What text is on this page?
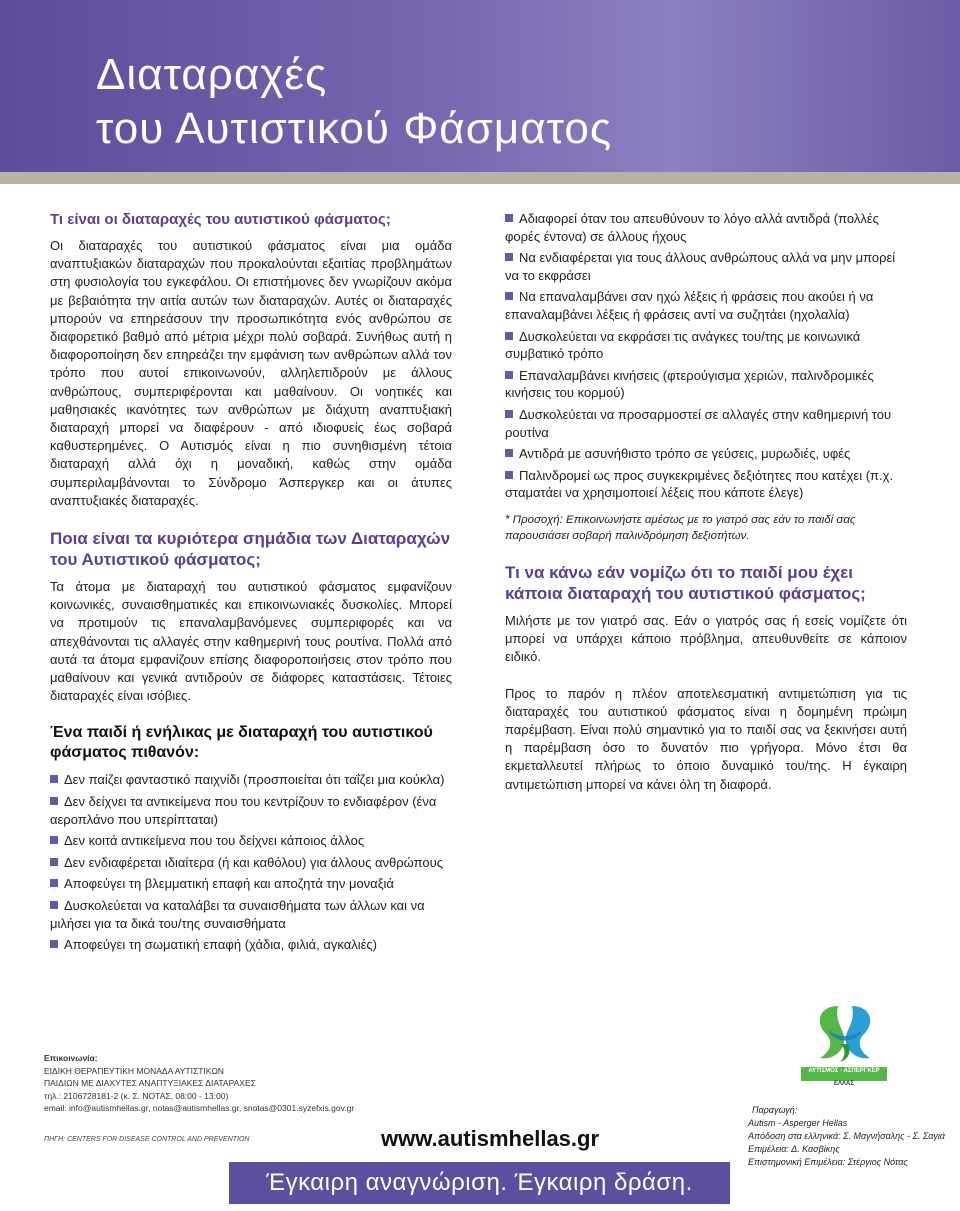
Διαταραχές
του Αυτιστικού Φάσματος
Τι είναι οι διαταραχές του αυτιστικού φάσματος;

Οι διαταραχές του αυτιστικού φάσματος είναι μια ομάδα αναπτυξιακών διαταραχών που προκαλούνται εξαιτίας προβλημάτων στη φυσιολογία του εγκεφάλου. Οι επιστήμονες δεν γνωρίζουν ακόμα με βεβαιότητα την αιτία αυτών των διαταραχών. Αυτές οι διαταραχές μπορούν να επηρεάσουν την προσωπικότητα ενός ανθρώπου σε διαφορετικό βαθμό από μέτρια μέχρι πολύ σοβαρά. Συνήθως αυτή η διαφοροποίηση δεν επηρεάζει την εμφάνιση των ανθρώπων αλλά τον τρόπο που αυτοί επικοινωνούν, αλληλεπιδρούν με άλλους ανθρώπους, συμπεριφέρονται και μαθαίνουν. Οι νοητικές και μαθησιακές ικανότητες των ανθρώπων με διάχυτη αναπτυξιακή διαταραχή μπορεί να διαφέρουν - από ιδιοφυείς έως σοβαρά καθυστερημένες. Ο Αυτισμός είναι η πιο συνηθισμένη τέτοια διαταραχή αλλά όχι η μοναδική, καθώς στην ομάδα συμπεριλαμβάνονται το Σύνδρομο Άσπεργκερ και οι άτυπες αναπτυξιακές διαταραχές.

Ποια είναι τα κυριότερα σημάδια των Διαταραχών του Αυτιστικού φάσματος;

Τα άτομα με διαταραχή του αυτιστικού φάσματος εμφανίζουν κοινωνικές, συναισθηματικές και επικοινωνιακές δυσκολίες. Μπορεί να προτιμούν τις επαναλαμβανόμενες συμπεριφορές και να απεχθάνονται τις αλλαγές στην καθημερινή τους ρουτίνα. Πολλά από αυτά τα άτομα εμφανίζουν επίσης διαφοροποιήσεις στον τρόπο που μαθαίνουν και γενικά αντιδρούν σε διάφορες καταστάσεις. Τέτοιες διαταραχές είναι ισόβιες.

Ένα παιδί ή ενήλικας με διαταραχή του αυτιστικού φάσματος πιθανόν:
Δεν παίζει φανταστικό παιχνίδι (προσποιείται ότι ταΐζει μια κούκλα)
Δεν δείχνει τα αντικείμενα που του κεντρίζουν το ενδιαφέρον (ένα αεροπλάνο που υπερίπταται)
Δεν κοιτά αντικείμενα που του δείχνει κάποιος άλλος
Δεν ενδιαφέρεται ιδιαίτερα (ή και καθόλου) για άλλους ανθρώπους
Αποφεύγει τη βλεμματική επαφή και αποζητά την μοναξιά
Δυσκολεύεται να καταλάβει τα συναισθήματα των άλλων και να μιλήσει για τα δικά του/της συναισθήματα
Αποφεύγει τη σωματική επαφή (χάδια, φιλιά, αγκαλιές)
Αδιαφορεί όταν του απευθύνουν το λόγο αλλά αντιδρά (πολλές φορές έντονα) σε άλλους ήχους
Να ενδιαφέρεται για τους άλλους ανθρώπους αλλά να μην μπορεί να το εκφράσει
Να επαναλαμβάνει σαν ηχώ λέξεις ή φράσεις που ακούει ή να επαναλαμβάνει λέξεις ή φράσεις αντί να συζητάει (ηχολαλία)
Δυσκολεύεται να εκφράσει τις ανάγκες του/της με κοινωνικά συμβατικό τρόπο
Επαναλαμβάνει κινήσεις (φτερούγισμα χεριών, παλινδρομικές κινήσεις του κορμού)
Δυσκολεύεται να προσαρμοστεί σε αλλαγές στην καθημερινή του ρουτίνα
Αντιδρά με ασυνήθιστο τρόπο σε γεύσεις, μυρωδιές, υφές
Παλινδρομεί ως προς συγκεκριμένες δεξιότητες που κατέχει (π.χ. σταματάει να χρησιμοποιεί λέξεις που κάποτε έλεγε)

* Προσοχή: Επικοινωνήστε αμέσως με το γιατρό σας εάν το παιδί σας παρουσιάσει σοβαρή παλινδρόμηση δεξιοτήτων.

Τι να κάνω εάν νομίζω ότι το παιδί μου έχει κάποια διαταραχή του αυτιστικού φάσματος;

Μιλήστε με τον γιατρό σας. Εάν ο γιατρός σας ή εσείς νομίζετε ότι μπορεί να υπάρχει κάποιο πρόβλημα, απευθυνθείτε σε κάποιον ειδικό.

Προς το παρόν η πλέον αποτελεσματική αντιμετώπιση για τις διαταραχές του αυτιστικού φάσματος είναι η δομημένη πρώιμη παρέμβαση. Είναι πολύ σημαντικό για το παιδί σας να ξεκινήσει αυτή η παρέμβαση όσο το δυνατόν πιο γρήγορα. Μόνο έτσι θα εκμεταλλευτεί πλήρως το όποιο δυναμικό του/της. Η έγκαιρη αντιμετώπιση μπορεί να κάνει όλη τη διαφορά.

Επικοινωνία:
ΕΙΔΙΚΗ ΘΕΡΑΠΕΥΤΙΚΗ ΜΟΝΑΔΑ ΑΥΤΙΣΤΙΚΩΝ
ΠΑΙΔΙΩΝ ΜΕ ΔΙΑΧΥΤΕΣ ΑΝΑΠΤΥΞΙΑΚΕΣ ΔΙΑΤΑΡΑΧΕΣ
τηλ.: 2106728181-2 (κ. Σ. ΝΟΤΑΣ, 08:00 - 13:00)
email: info@autismhellas.gr, notas@autismhellas.gr, snotas@0301.syzefxis.gov.gr
ΠΗΓΗ: CENTERS FOR DISEASE CONTROL AND PREVENTION	www.autismhellas.gr
ΑΥΤΙΣΜΟΣ - ΑΣΠΕΡΓΚΕΡ
ΕΛΛΑΣ
Παραγωγή:
Autism - Asperger Hellas
Απόδοση στα ελληνικά: Σ. Μαγνήσαλης - Σ. Σαγιά
Επιμέλεια: Δ. Κασβίκης
Επιστημονική Επιμέλεια: Στέργιος Νότας
Έγκαιρη αναγνώριση. Έγκαιρη δράση.
